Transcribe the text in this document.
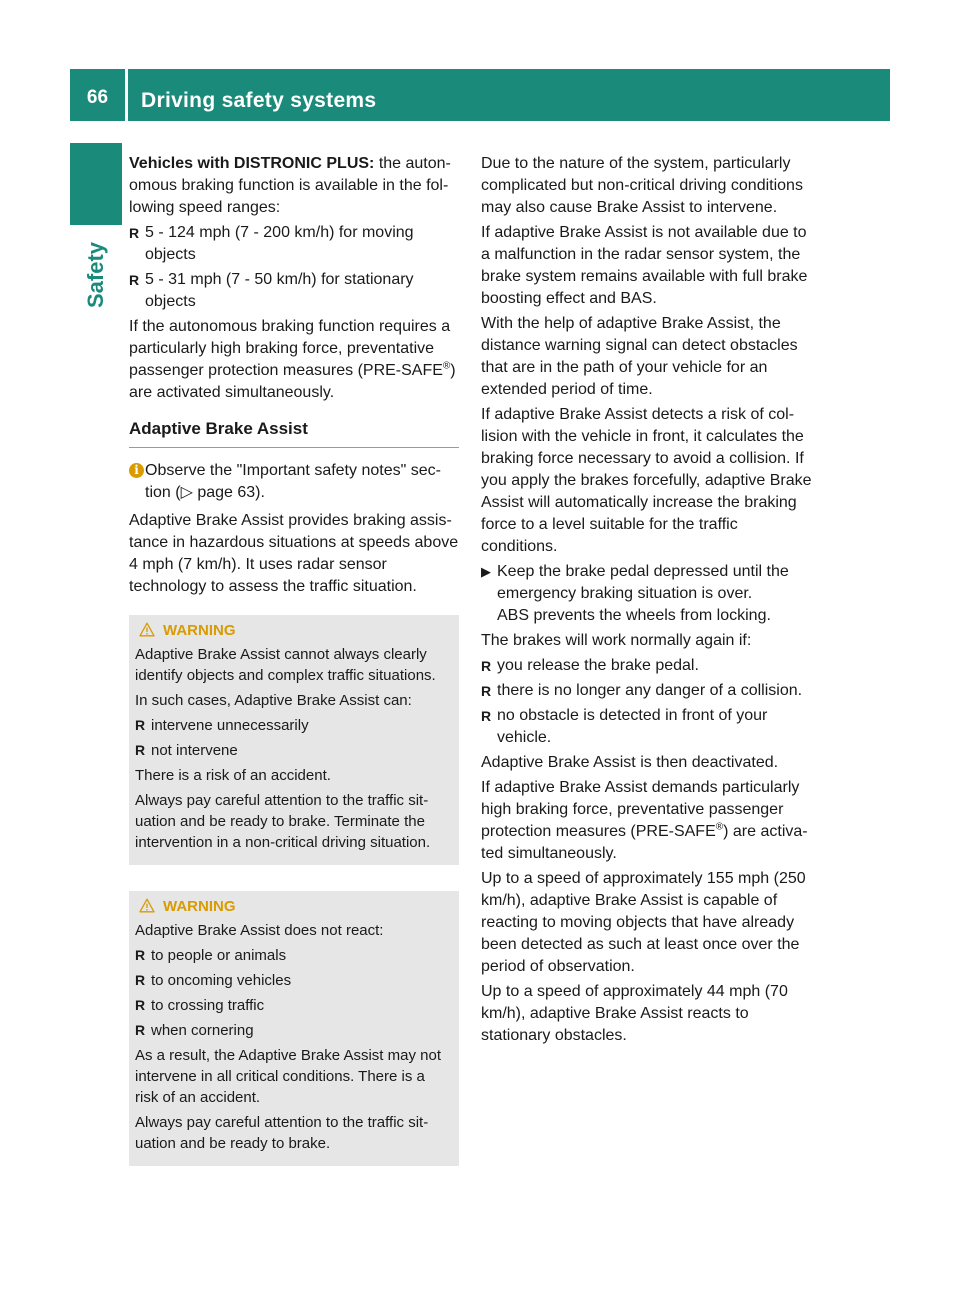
66	Driving safety systems
Safety

Vehicles with DISTRONIC PLUS: the autonomous braking function is available in the following speed ranges:

R 5 - 124 mph (7 - 200 km/h) for moving objects
R 5 - 31 mph (7 - 50 km/h) for stationary objects

If the autonomous braking function requires a particularly high braking force, preventative passenger protection measures (PRE-SAFE®) are activated simultaneously.

Adaptive Brake Assist
i Observe the "Important safety notes" section (▷ page 63).

Adaptive Brake Assist provides braking assistance in hazardous situations at speeds above 4 mph (7 km/h). It uses radar sensor technology to assess the traffic situation.

WARNING

Adaptive Brake Assist cannot always clearly identify objects and complex traffic situations.

In such cases, Adaptive Brake Assist can:

R intervene unnecessarily
R not intervene

There is a risk of an accident.

Always pay careful attention to the traffic situation and be ready to brake. Terminate the intervention in a non-critical driving situation.

WARNING

Adaptive Brake Assist does not react:

R to people or animals
R to oncoming vehicles
R to crossing traffic
R when cornering

As a result, the Adaptive Brake Assist may not intervene in all critical conditions. There is a risk of an accident.

Always pay careful attention to the traffic situation and be ready to brake.

Due to the nature of the system, particularly complicated but non-critical driving conditions may also cause Brake Assist to intervene.

If adaptive Brake Assist is not available due to a malfunction in the radar sensor system, the brake system remains available with full brake boosting effect and BAS.

With the help of adaptive Brake Assist, the distance warning signal can detect obstacles that are in the path of your vehicle for an extended period of time.

If adaptive Brake Assist detects a risk of collision with the vehicle in front, it calculates the braking force necessary to avoid a collision. If you apply the brakes forcefully, adaptive Brake Assist will automatically increase the braking force to a level suitable for the traffic conditions.

▶ Keep the brake pedal depressed until the emergency braking situation is over.
ABS prevents the wheels from locking.

The brakes will work normally again if:

R you release the brake pedal.
R there is no longer any danger of a collision.
R no obstacle is detected in front of your vehicle.

Adaptive Brake Assist is then deactivated.

If adaptive Brake Assist demands particularly high braking force, preventative passenger protection measures (PRE-SAFE®) are activated simultaneously.

Up to a speed of approximately 155 mph (250 km/h), adaptive Brake Assist is capable of reacting to moving objects that have already been detected as such at least once over the period of observation.

Up to a speed of approximately 44 mph (70 km/h), adaptive Brake Assist reacts to stationary obstacles.
